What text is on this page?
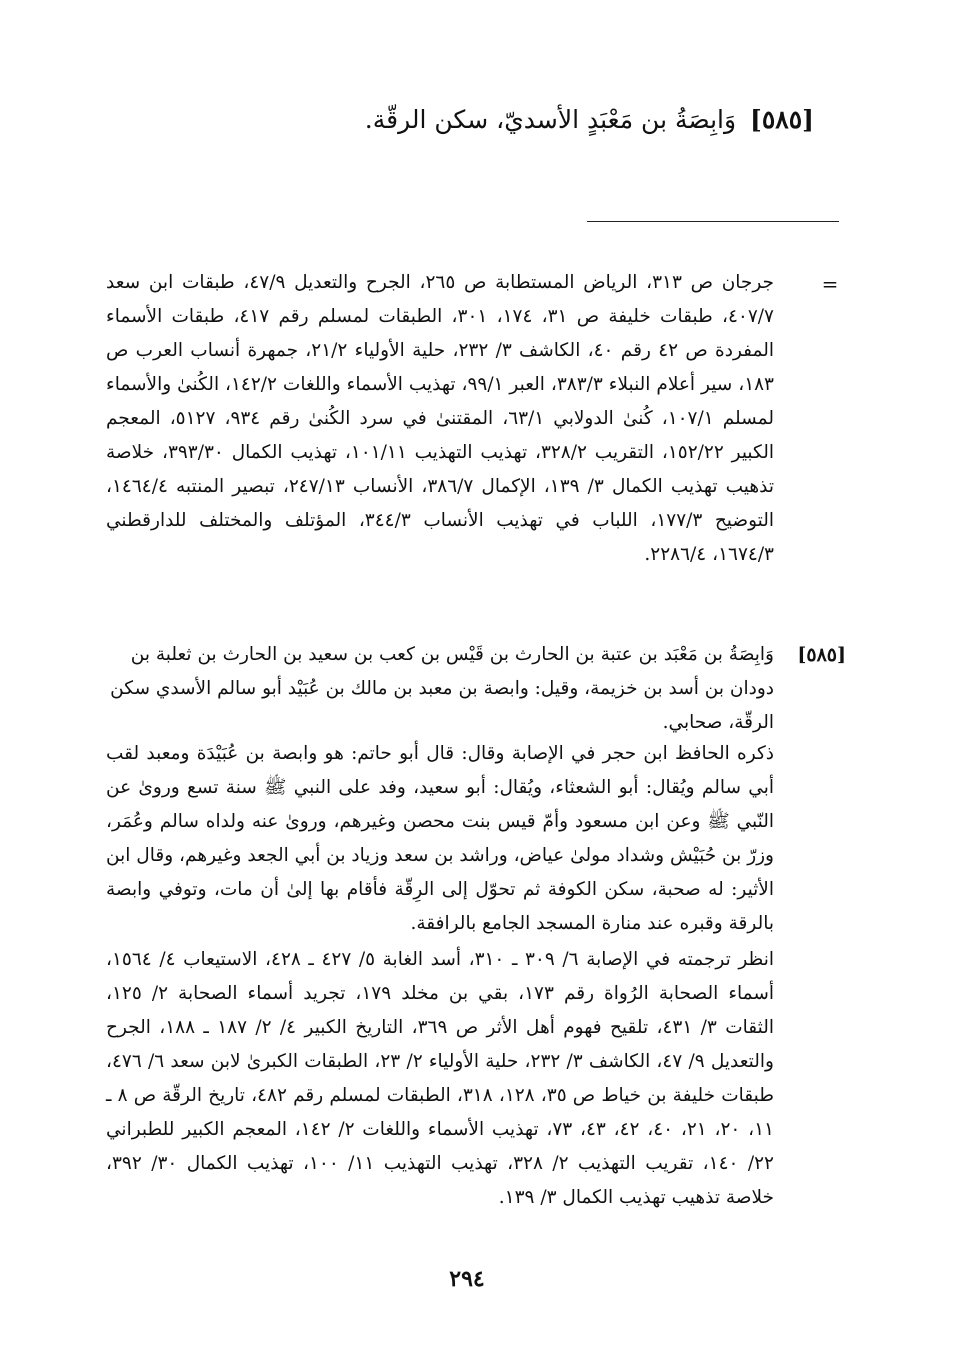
[٥٨٥] وَابِصَةُ بن مَعْبَدٍ الأسديّ، سكن الرقّة.
=
جرجان ص ٣١٣، الرياض المستطابة ص ٢٦٥، الجرح والتعديل ٤٧/٩، طبقات ابن سعد ٤٠٧/٧، طبقات خليفة ص ٣١، ١٧٤، ٣٠١، الطبقات لمسلم رقم ٤١٧، طبقات الأسماء المفردة ص ٤٢ رقم ٤٠، الكاشف ٣/ ٢٣٢، حلية الأولياء ٢١/٢، جمهرة أنساب العرب ص ١٨٣، سير أعلام النبلاء ٣٨٣/٣، العبر ٩٩/١، تهذيب الأسماء واللغات ١٤٢/٢، الكُنىٰ والأسماء لمسلم ١٠٧/١، كُنىٰ الدولابي ٦٣/١، المقتنىٰ في سرد الكُنىٰ رقم ٩٣٤، ٥١٢٧، المعجم الكبير ١٥٢/٢٢، التقريب ٣٢٨/٢، تهذيب التهذيب ١٠١/١١، تهذيب الكمال ٣٩٣/٣٠، خلاصة تذهيب تهذيب الكمال ٣/ ١٣٩، الإكمال ٣٨٦/٧، الأنساب ٢٤٧/١٣، تبصير المنتبه ١٤٦٤/٤، التوضيح ١٧٧/٣، اللباب في تهذيب الأنساب ٣٤٤/٣، المؤتلف والمختلف للدارقطني ١٦٧٤/٣، ٢٢٨٦/٤.
[٥٨٥]
وَابِصَةُ بن مَعْبَد بن عتبة بن الحارث بن قَيْس بن كعب بن سعيد بن الحارث بن ثعلبة بن دودان بن أسد بن خزيمة، وقيل: وابصة بن معبد بن مالك بن عُبَيْد أبو سالم الأسدي سكن الرقّة، صحابي.
ذكره الحافظ ابن حجر في الإصابة وقال: قال أبو حاتم: هو وابصة بن عُبَيْدَة ومعبد لقب أبي سالم ويُقال: أبو الشعثاء، ويُقال: أبو سعيد، وفد على النبي ﷺ سنة تسع وروىٰ عن النّبي ﷺ وعن ابن مسعود وأمّ قيس بنت محصن وغيرهم، وروىٰ عنه ولداه سالم وعُمَر، وزرّ بن حُبَيْش وشداد مولىٰ عياض، وراشد بن سعد وزياد بن أبي الجعد وغيرهم، وقال ابن الأثير: له صحبة، سكن الكوفة ثم تحوّل إلى الرِقّة فأقام بها إلىٰ أن مات، وتوفي وابصة بالرقة وقبره عند منارة المسجد الجامع بالرافقة.
انظر ترجمته في الإصابة ٦/ ٣٠٩ ـ ٣١٠، أسد الغابة ٥/ ٤٢٧ ـ ٤٢٨، الاستيعاب ٤/ ١٥٦٤، أسماء الصحابة الرُواة رقم ١٧٣، بقي بن مخلد ١٧٩، تجريد أسماء الصحابة ٢/ ١٢٥، الثقات ٣/ ٤٣١، تلقيح فهوم أهل الأثر ص ٣٦٩، التاريخ الكبير ٤/ ٢/ ١٨٧ ـ ١٨٨، الجرح والتعديل ٩/ ٤٧، الكاشف ٣/ ٢٣٢، حلية الأولياء ٢/ ٢٣، الطبقات الكبرىٰ لابن سعد ٦/ ٤٧٦، طبقات خليفة بن خياط ص ٣٥، ١٢٨، ٣١٨، الطبقات لمسلم رقم ٤٨٢، تاريخ الرقّة ص ٨ ـ ١١، ٢٠، ٢١، ٤٠، ٤٢، ٤٣، ٧٣، تهذيب الأسماء واللغات ٢/ ١٤٢، المعجم الكبير للطبراني ٢٢/ ١٤٠، تقريب التهذيب ٢/ ٣٢٨، تهذيب التهذيب ١١/ ١٠٠، تهذيب الكمال ٣٠/ ٣٩٢، خلاصة تذهيب تهذيب الكمال ٣/ ١٣٩.
٢٩٤
